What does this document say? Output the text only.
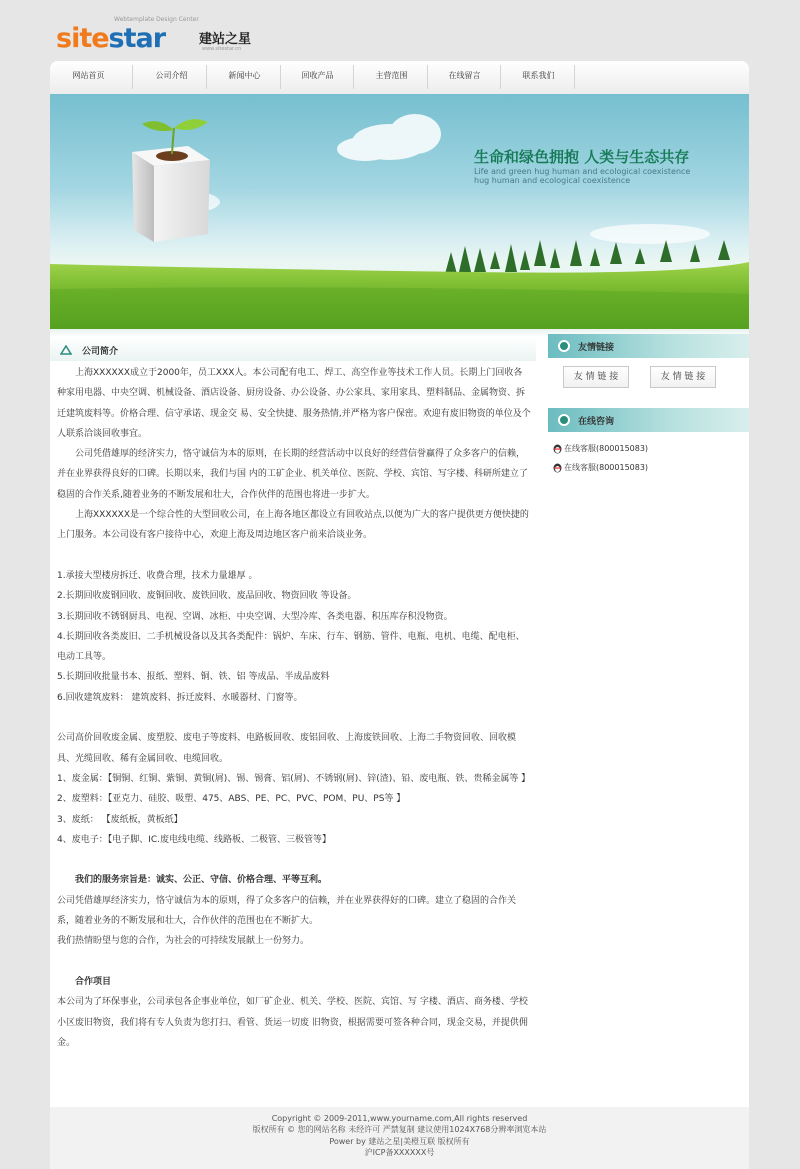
Webtemplate Design Center
sitestar	建站之星
www.sitestar.cn
网站首页	公司介绍	新闻中心	回收产品	主营范围	在线留言	联系我们
生命和绿色拥抱 人类与生态共存
Life and green hug human and ecological coexistence
hug human and ecological coexistence
公司简介

　　上海XXXXXX成立于2000年，员工XXX人。本公司配有电工、焊工、高空作业等技术工作人员。长期上门回收各 种家用电器、中央空调、机械设备、酒店设备、厨房设备、办公设备、办公家具、家用家具、塑料制品、金属物资、拆迁建筑废料等。价格合理、信守承诺、现金交 易、安全快捷、服务热情,并严格为客户保密。欢迎有废旧物资的单位及个人联系洽谈回收事宜。

　　公司凭借雄厚的经济实力，恪守诚信为本的原则，在长期的经营活动中以良好的经营信誉赢得了众多客户的信赖，并在业界获得良好的口碑。长期以来，我们与国 内的工矿企业、机关单位、医院、学校、宾馆、写字楼、科研所建立了稳固的合作关系,随着业务的不断发展和壮大，合作伙伴的范围也将进一步扩大。

　　上海XXXXXX是一个综合性的大型回收公司，在上海各地区都设立有回收站点,以便为广大的客户提供更方便快捷的上门服务。本公司设有客户接待中心，欢迎上海及周边地区客户前来洽谈业务。

1.承接大型楼房拆迁、收费合理，技术力量雄厚 。

2.长期回收废钢回收、废铜回收、废铁回收、废品回收、物资回收 等设备。

3.长期回收不锈钢厨具、电视、空调、冰柜、中央空调、大型冷库、各类电器、积压库存积没物资。

4.长期回收各类废旧、二手机械设备以及其各类配件：锅炉、车床、行车、钢筋、管件、电瓶、电机、电缆、配电柜、电动工具等。

5.长期回收批量书本、报纸、塑料、铜、铁、铝 等成品、半成品废料

6.回收建筑废料： 建筑废料、拆迁废料、水暖器材、门窗等。

公司高价回收废金属、废塑胶、废电子等废料、电路板回收、废铝回收、上海废铁回收、上海二手物资回收、回收模具、光缆回收、稀有金属回收、电缆回收。

1、废金属：【铜铜、红铜、紫铜、黄铜(屑)、锡、锡膏、铝(屑)、不锈钢(屑)、锌(渣)、铅、废电瓶、铁、贵稀金属等 】

2、废塑料：【亚克力、硅胶、吸塑、475、ABS、PE、PC、PVC、POM、PU、PS等 】

3、废纸： 【废纸板，黄板纸】

4、废电子：【电子脚、IC.废电线电缆、线路板、二极管、三极管等】

　　我们的服务宗旨是：诚实、公正、守信、价格合理、平等互利。

公司凭借雄厚经济实力，恪守诚信为本的原则，得了众多客户的信赖，并在业界获得好的口碑。建立了稳固的合作关系，随着业务的不断发展和壮大，合作伙伴的范围也在不断扩大。

我们热情盼望与您的合作，为社会的可持续发展献上一份努力。

　　合作项目

本公司为了环保事业，公司承包各企事业单位，如厂矿企业、机关、学校、医院、宾馆、写 字楼、酒店、商务楼、学校小区废旧物资，我们将有专人负责为您打扫、看管、货运一切废 旧物资，根据需要可签各种合同，现金交易，并提供佣金。

友情链接
友 情 链 接	友 情 链 接
在线咨询
在线客服(800015083)
在线客服(800015083)
Copyright © 2009-2011,www.yourname.com,All rights reserved
版权所有 © 您的网站名称 未经许可 严禁复制 建议使用1024X768分辨率浏览本站
Power by 建站之星|美橙互联 版权所有
沪ICP备XXXXXX号
